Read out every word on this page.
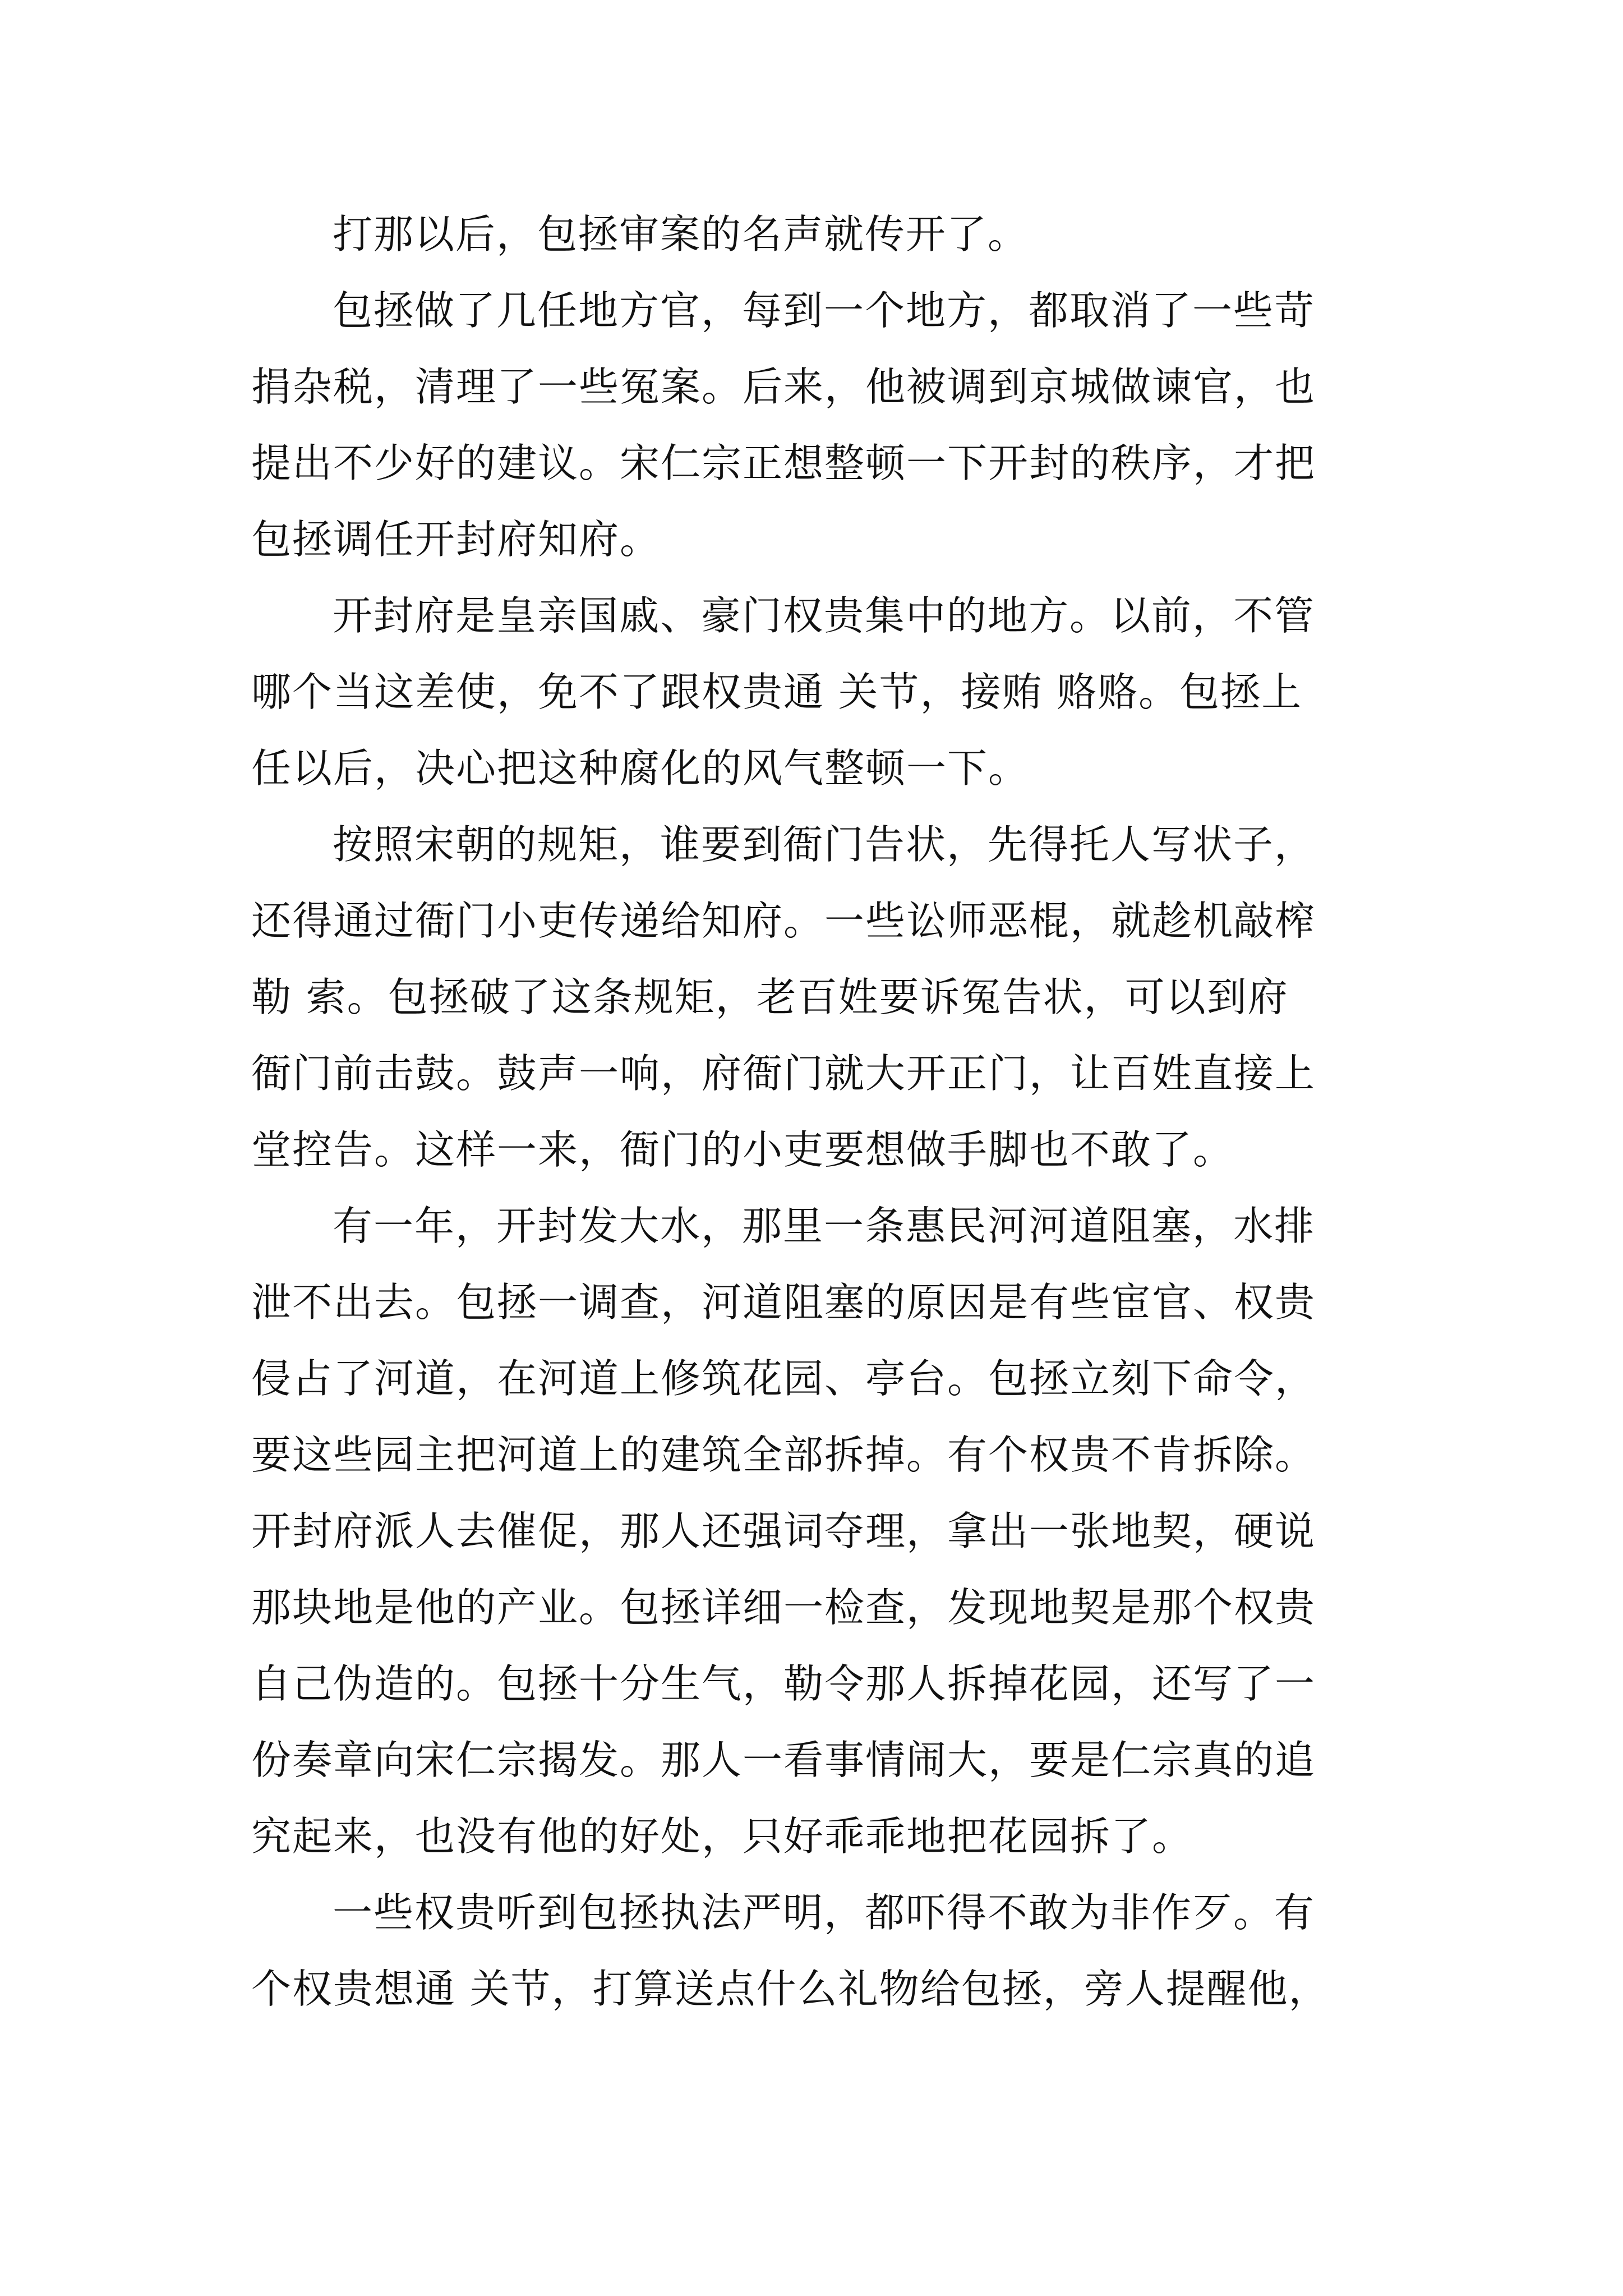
打那以后，包拯审案的名声就传开了。
包拯做了几任地方官，每到一个地方，都取消了一些苛
捐杂税，清理了一些冤案。后来，他被调到京城做谏官，也
提出不少好的建议。宋仁宗正想整顿一下开封的秩序，才把
包拯调任开封府知府。
开封府是皇亲国戚、豪门权贵集中的地方。以前，不管
哪个当这差使，免不了跟权贵通 关节，接贿 赂赂。包拯上
任以后，决心把这种腐化的风气整顿一下。
按照宋朝的规矩，谁要到衙门告状，先得托人写状子，
还得通过衙门小吏传递给知府。一些讼师恶棍，就趁机敲榨
勒 索。包拯破了这条规矩，老百姓要诉冤告状，可以到府
衙门前击鼓。鼓声一响，府衙门就大开正门，让百姓直接上
堂控告。这样一来，衙门的小吏要想做手脚也不敢了。
有一年，开封发大水，那里一条惠民河河道阻塞，水排
泄不出去。包拯一调查，河道阻塞的原因是有些宦官、权贵
侵占了河道，在河道上修筑花园、亭台。包拯立刻下命令，
要这些园主把河道上的建筑全部拆掉。有个权贵不肯拆除。
开封府派人去催促，那人还强词夺理，拿出一张地契，硬说
那块地是他的产业。包拯详细一检查，发现地契是那个权贵
自己伪造的。包拯十分生气，勒令那人拆掉花园，还写了一
份奏章向宋仁宗揭发。那人一看事情闹大，要是仁宗真的追
究起来，也没有他的好处，只好乖乖地把花园拆了。
一些权贵听到包拯执法严明，都吓得不敢为非作歹。有
个权贵想通 关节，打算送点什么礼物给包拯，旁人提醒他，
